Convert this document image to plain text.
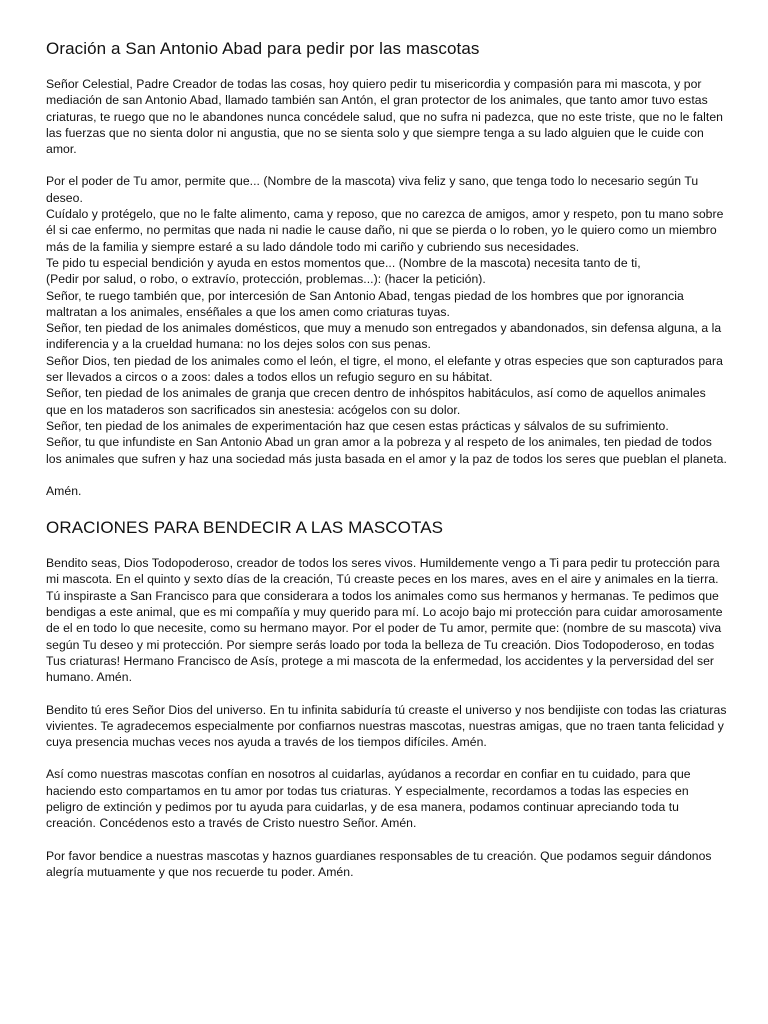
Oración a San Antonio Abad para pedir por las mascotas

Señor Celestial, Padre Creador de todas las cosas, hoy quiero pedir tu misericordia y compasión para mi mascota, y por mediación de san Antonio Abad, llamado también san Antón, el gran protector de los animales, que tanto amor tuvo estas criaturas, te ruego que no le abandones nunca concédele salud, que no sufra ni padezca, que no este triste, que no le falten las fuerzas que no sienta dolor ni angustia, que no se sienta solo y que siempre tenga a su lado alguien que le cuide con amor.

Por el poder de Tu amor, permite que... (Nombre de la mascota) viva feliz y sano, que tenga todo lo necesario según Tu deseo.
Cuídalo y protégelo, que no le falte alimento, cama y reposo, que no carezca de amigos, amor y respeto, pon tu mano sobre él si cae enfermo, no permitas que nada ni nadie le cause daño, ni que se pierda o lo roben, yo le quiero como un miembro más de la familia y siempre estaré a su lado dándole todo mi cariño y cubriendo sus necesidades.
Te pido tu especial bendición y ayuda en estos momentos que... (Nombre de la mascota) necesita tanto de ti,
(Pedir por salud, o robo, o extravío, protección, problemas...): (hacer la petición).
Señor, te ruego también que, por intercesión de San Antonio Abad, tengas piedad de los hombres que por ignorancia maltratan a los animales, enséñales a que los amen como criaturas tuyas.
Señor, ten piedad de los animales domésticos, que muy a menudo son entregados y abandonados, sin defensa alguna, a la indiferencia y a la crueldad humana: no los dejes solos con sus penas.
Señor Dios, ten piedad de los animales como el león, el tigre, el mono, el elefante y otras especies que son capturados para ser llevados a circos o a zoos: dales a todos ellos un refugio seguro en su hábitat.
Señor, ten piedad de los animales de granja que crecen dentro de inhóspitos habitáculos, así como de aquellos animales que en los mataderos son sacrificados sin anestesia: acógelos con su dolor.
Señor, ten piedad de los animales de experimentación haz que cesen estas prácticas y sálvalos de su sufrimiento.
Señor, tu que infundiste en San Antonio Abad un gran amor a la pobreza y al respeto de los animales, ten piedad de todos los animales que sufren y haz una sociedad más justa basada en el amor y la paz de todos los seres que pueblan el planeta.

Amén.

ORACIONES PARA BENDECIR A LAS MASCOTAS

Bendito seas, Dios Todopoderoso, creador de todos los seres vivos. Humildemente vengo a Ti para pedir tu protección para mi mascota. En el quinto y sexto días de la creación, Tú creaste peces en los mares, aves en el aire y animales en la tierra. Tú inspiraste a San Francisco para que considerara a todos los animales como sus hermanos y hermanas. Te pedimos que bendigas a este animal, que es mi compañía y muy querido para mí. Lo acojo bajo mi protección para cuidar amorosamente de el en todo lo que necesite, como su hermano mayor. Por el poder de Tu amor, permite que: (nombre de su mascota) viva según Tu deseo y mi protección. Por siempre serás loado por toda la belleza de Tu creación. Dios Todopoderoso, en todas Tus criaturas! Hermano Francisco de Asís, protege a mi mascota de la enfermedad, los accidentes y la perversidad del ser humano. Amén.

Bendito tú eres Señor Dios del universo. En tu infinita sabiduría tú creaste el universo y nos bendijiste con todas las criaturas vivientes. Te agradecemos especialmente por confiarnos nuestras mascotas, nuestras amigas, que no traen tanta felicidad y cuya presencia muchas veces nos ayuda a través de los tiempos difíciles. Amén.

Así como nuestras mascotas confían en nosotros al cuidarlas, ayúdanos a recordar en confiar en tu cuidado, para que haciendo esto compartamos en tu amor por todas tus criaturas. Y especialmente, recordamos a todas las especies en peligro de extinción y pedimos por tu ayuda para cuidarlas, y de esa manera, podamos continuar apreciando toda tu creación. Concédenos esto a través de Cristo nuestro Señor. Amén.

Por favor bendice a nuestras mascotas y haznos guardianes responsables de tu creación. Que podamos seguir dándonos alegría mutuamente y que nos recuerde tu poder. Amén.
